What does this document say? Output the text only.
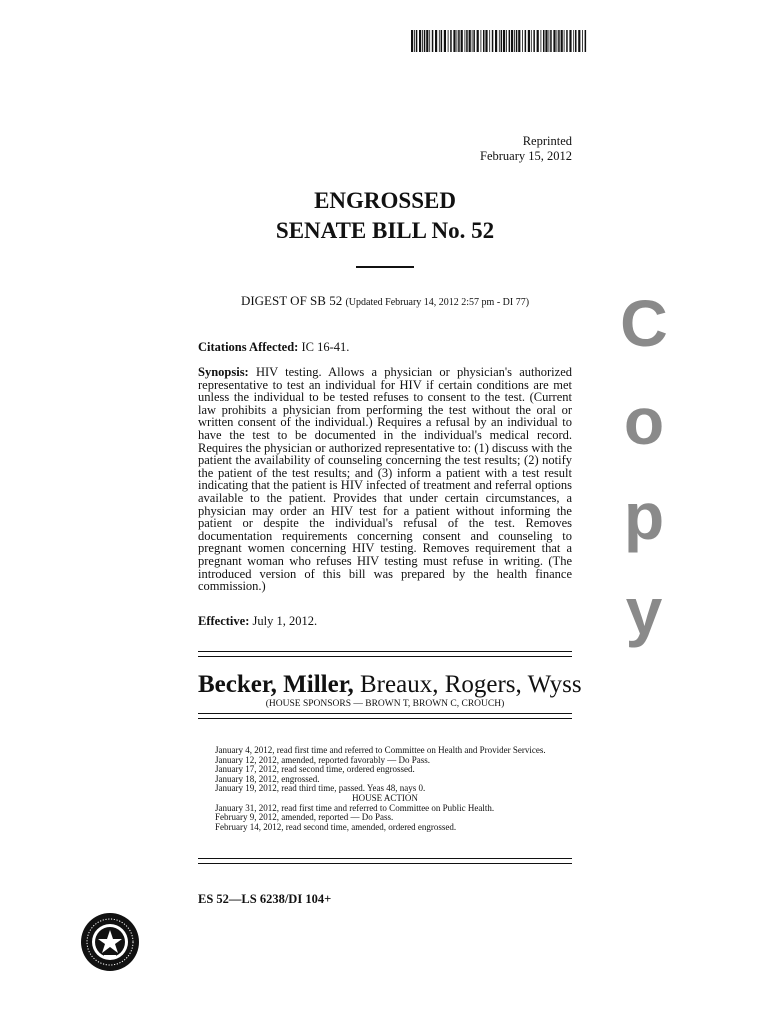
Reprinted
February 15, 2012
ENGROSSED
SENATE BILL No. 52
DIGEST OF SB 52 (Updated February 14, 2012 2:57 pm - DI 77)
Citations Affected: IC 16-41.
Synopsis: HIV testing. Allows a physician or physician's authorized representative to test an individual for HIV if certain conditions are met unless the individual to be tested refuses to consent to the test. (Current law prohibits a physician from performing the test without the oral or written consent of the individual.) Requires a refusal by an individual to have the test to be documented in the individual's medical record. Requires the physician or authorized representative to: (1) discuss with the patient the availability of counseling concerning the test results; (2) notify the patient of the test results; and (3) inform a patient with a test result indicating that the patient is HIV infected of treatment and referral options available to the patient. Provides that under certain circumstances, a physician may order an HIV test for a patient without informing the patient or despite the individual's refusal of the test. Removes documentation requirements concerning consent and counseling to pregnant women concerning HIV testing. Removes requirement that a pregnant woman who refuses HIV testing must refuse in writing. (The introduced version of this bill was prepared by the health finance commission.)
Effective: July 1, 2012.
C
o
p
y
Becker, Miller, Breaux, Rogers, Wyss
(HOUSE SPONSORS — BROWN T, BROWN C, CROUCH)
January 4, 2012, read first time and referred to Committee on Health and Provider Services.
January 12, 2012, amended, reported favorably — Do Pass.
January 17, 2012, read second time, ordered engrossed.
January 18, 2012, engrossed.
January 19, 2012, read third time, passed. Yeas 48, nays 0.
HOUSE ACTION
January 31, 2012, read first time and referred to Committee on Public Health.
February 9, 2012, amended, reported — Do Pass.
February 14, 2012, read second time, amended, ordered engrossed.
ES 52—LS 6238/DI 104+
